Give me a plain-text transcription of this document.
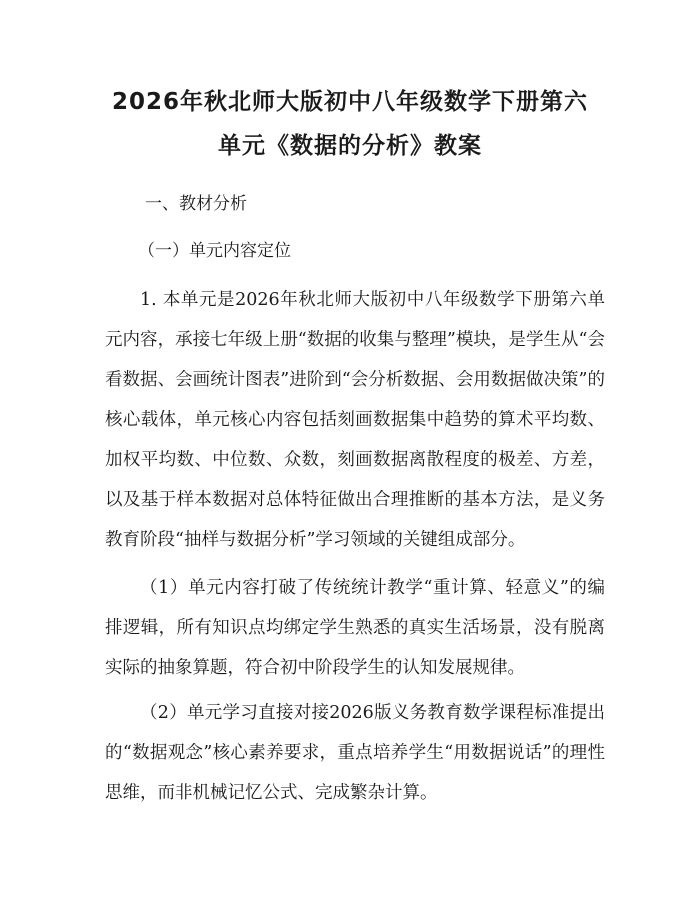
2026年秋北师大版初中八年级数学下册第六
单元《数据的分析》教案

一、教材分析

（一）单元内容定位

1. 本单元是2026年秋北师大版初中八年级数学下册第六单元内容，承接七年级上册“数据的收集与整理”模块，是学生从“会看数据、会画统计图表”进阶到“会分析数据、会用数据做决策”的核心载体，单元核心内容包括刻画数据集中趋势的算术平均数、加权平均数、中位数、众数，刻画数据离散程度的极差、方差，以及基于样本数据对总体特征做出合理推断的基本方法，是义务教育阶段“抽样与数据分析”学习领域的关键组成部分。

（1）单元内容打破了传统统计教学“重计算、轻意义”的编排逻辑，所有知识点均绑定学生熟悉的真实生活场景，没有脱离实际的抽象算题，符合初中阶段学生的认知发展规律。

（2）单元学习直接对接2026版义务教育数学课程标准提出的“数据观念”核心素养要求，重点培养学生“用数据说话”的理性思维，而非机械记忆公式、完成繁杂计算。
